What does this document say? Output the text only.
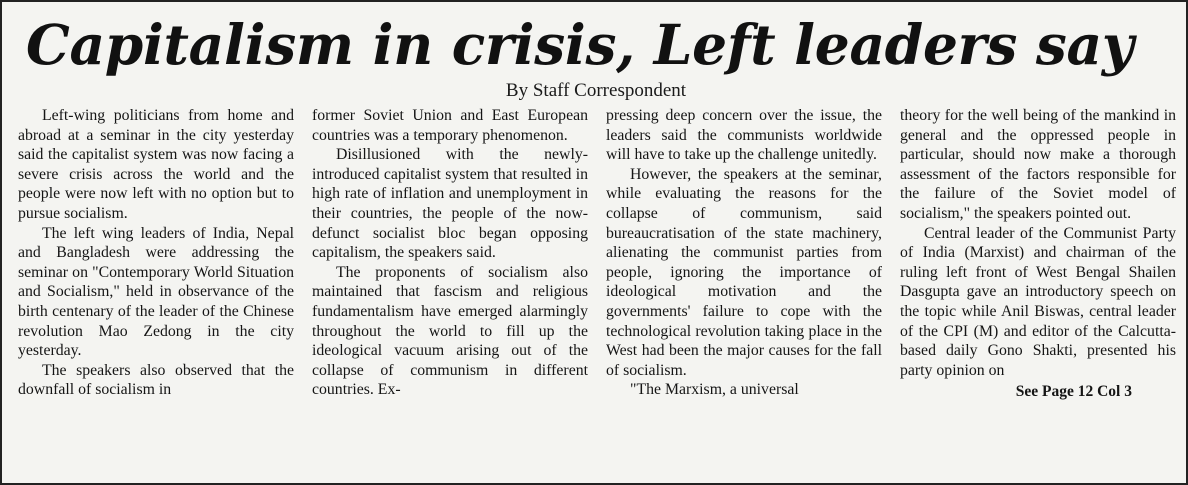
Capitalism in crisis, Left leaders say
By Staff Correspondent

Left-wing politicians from home and abroad at a seminar in the city yesterday said the capitalist system was now facing a severe crisis across the world and the people were now left with no option but to pursue socialism.

The left wing leaders of India, Nepal and Bangladesh were addressing the seminar on "Contemporary World Situation and Socialism," held in observance of the birth centenary of the leader of the Chinese revolution Mao Zedong in the city yesterday.

The speakers also observed that the downfall of socialism in

former Soviet Union and East European countries was a temporary phenomenon.

Disillusioned with the newly-introduced capitalist system that resulted in high rate of inflation and unemployment in their countries, the people of the now-defunct socialist bloc began opposing capitalism, the speakers said.

The proponents of socialism also maintained that fascism and religious fundamentalism have emerged alarmingly throughout the world to fill up the ideological vacuum arising out of the collapse of communism in different countries. Ex-

pressing deep concern over the issue, the leaders said the communists worldwide will have to take up the challenge unitedly.

However, the speakers at the seminar, while evaluating the reasons for the collapse of communism, said bureaucratisation of the state machinery, alienating the communist parties from people, ignoring the importance of ideological motivation and the governments' failure to cope with the technological revolution taking place in the West had been the major causes for the fall of socialism.

"The Marxism, a universal

theory for the well being of the mankind in general and the oppressed people in particular, should now make a thorough assessment of the factors responsible for the failure of the Soviet model of socialism," the speakers pointed out.

Central leader of the Communist Party of India (Marxist) and chairman of the ruling left front of West Bengal Shailen Dasgupta gave an introductory speech on the topic while Anil Biswas, central leader of the CPI (M) and editor of the Calcutta-based daily Gono Shakti, presented his party opinion on

See Page 12 Col 3
